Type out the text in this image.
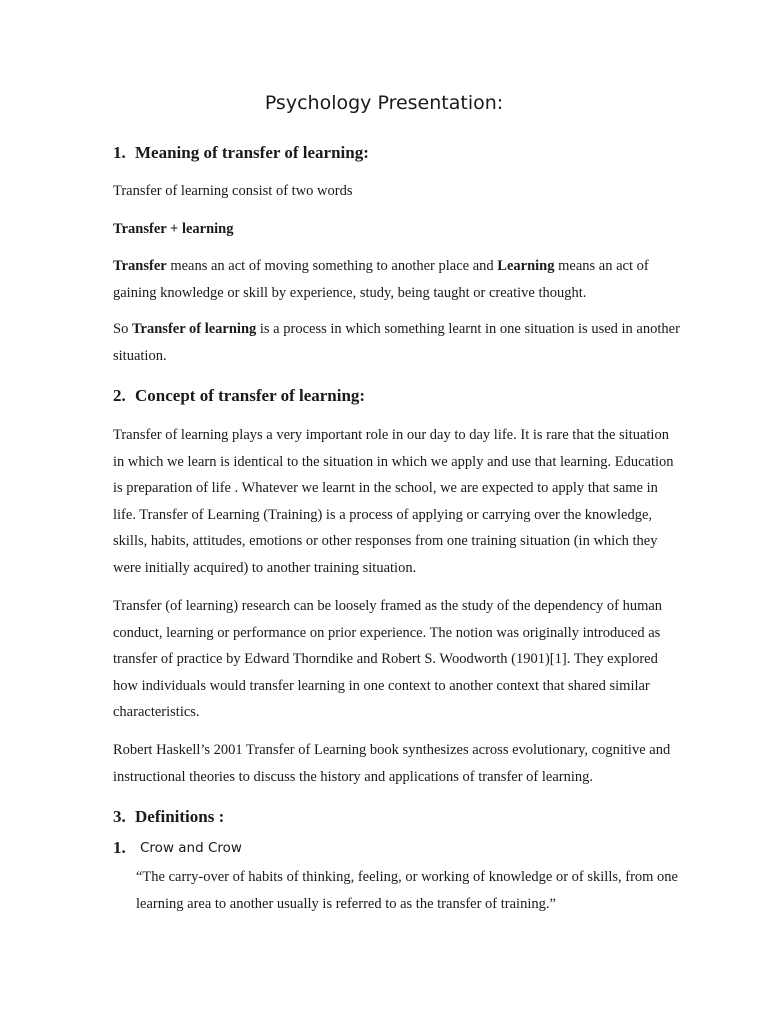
Psychology Presentation:
1. Meaning of transfer of learning:

Transfer of learning consist of two words

Transfer + learning

Transfer means an act of moving something to another place and Learning means an act of gaining knowledge or skill by experience, study, being taught or creative thought.

So Transfer of learning is a process in which something learnt in one situation is used in another situation.

2. Concept of transfer of learning:

Transfer of learning plays a very important role in our day to day life. It is rare that the situation in which we learn is identical to the situation in which we apply and use that learning. Education is preparation of life . Whatever we learnt in the school, we are expected to apply that same in life. Transfer of Learning (Training) is a process of applying or carrying over the knowledge, skills, habits, attitudes, emotions or other responses from one training situation (in which they were initially acquired) to another training situation.

Transfer (of learning) research can be loosely framed as the study of the dependency of human conduct, learning or performance on prior experience. The notion was originally introduced as transfer of practice by Edward Thorndike and Robert S. Woodworth (1901)[1]. They explored how individuals would transfer learning in one context to another context that shared similar characteristics.

Robert Haskell’s 2001 Transfer of Learning book synthesizes across evolutionary, cognitive and instructional theories to discuss the history and applications of transfer of learning.

3. Definitions :

1. Crow and Crow

“The carry-over of habits of thinking, feeling, or working of knowledge or of skills, from one learning area to another usually is referred to as the transfer of training.”
